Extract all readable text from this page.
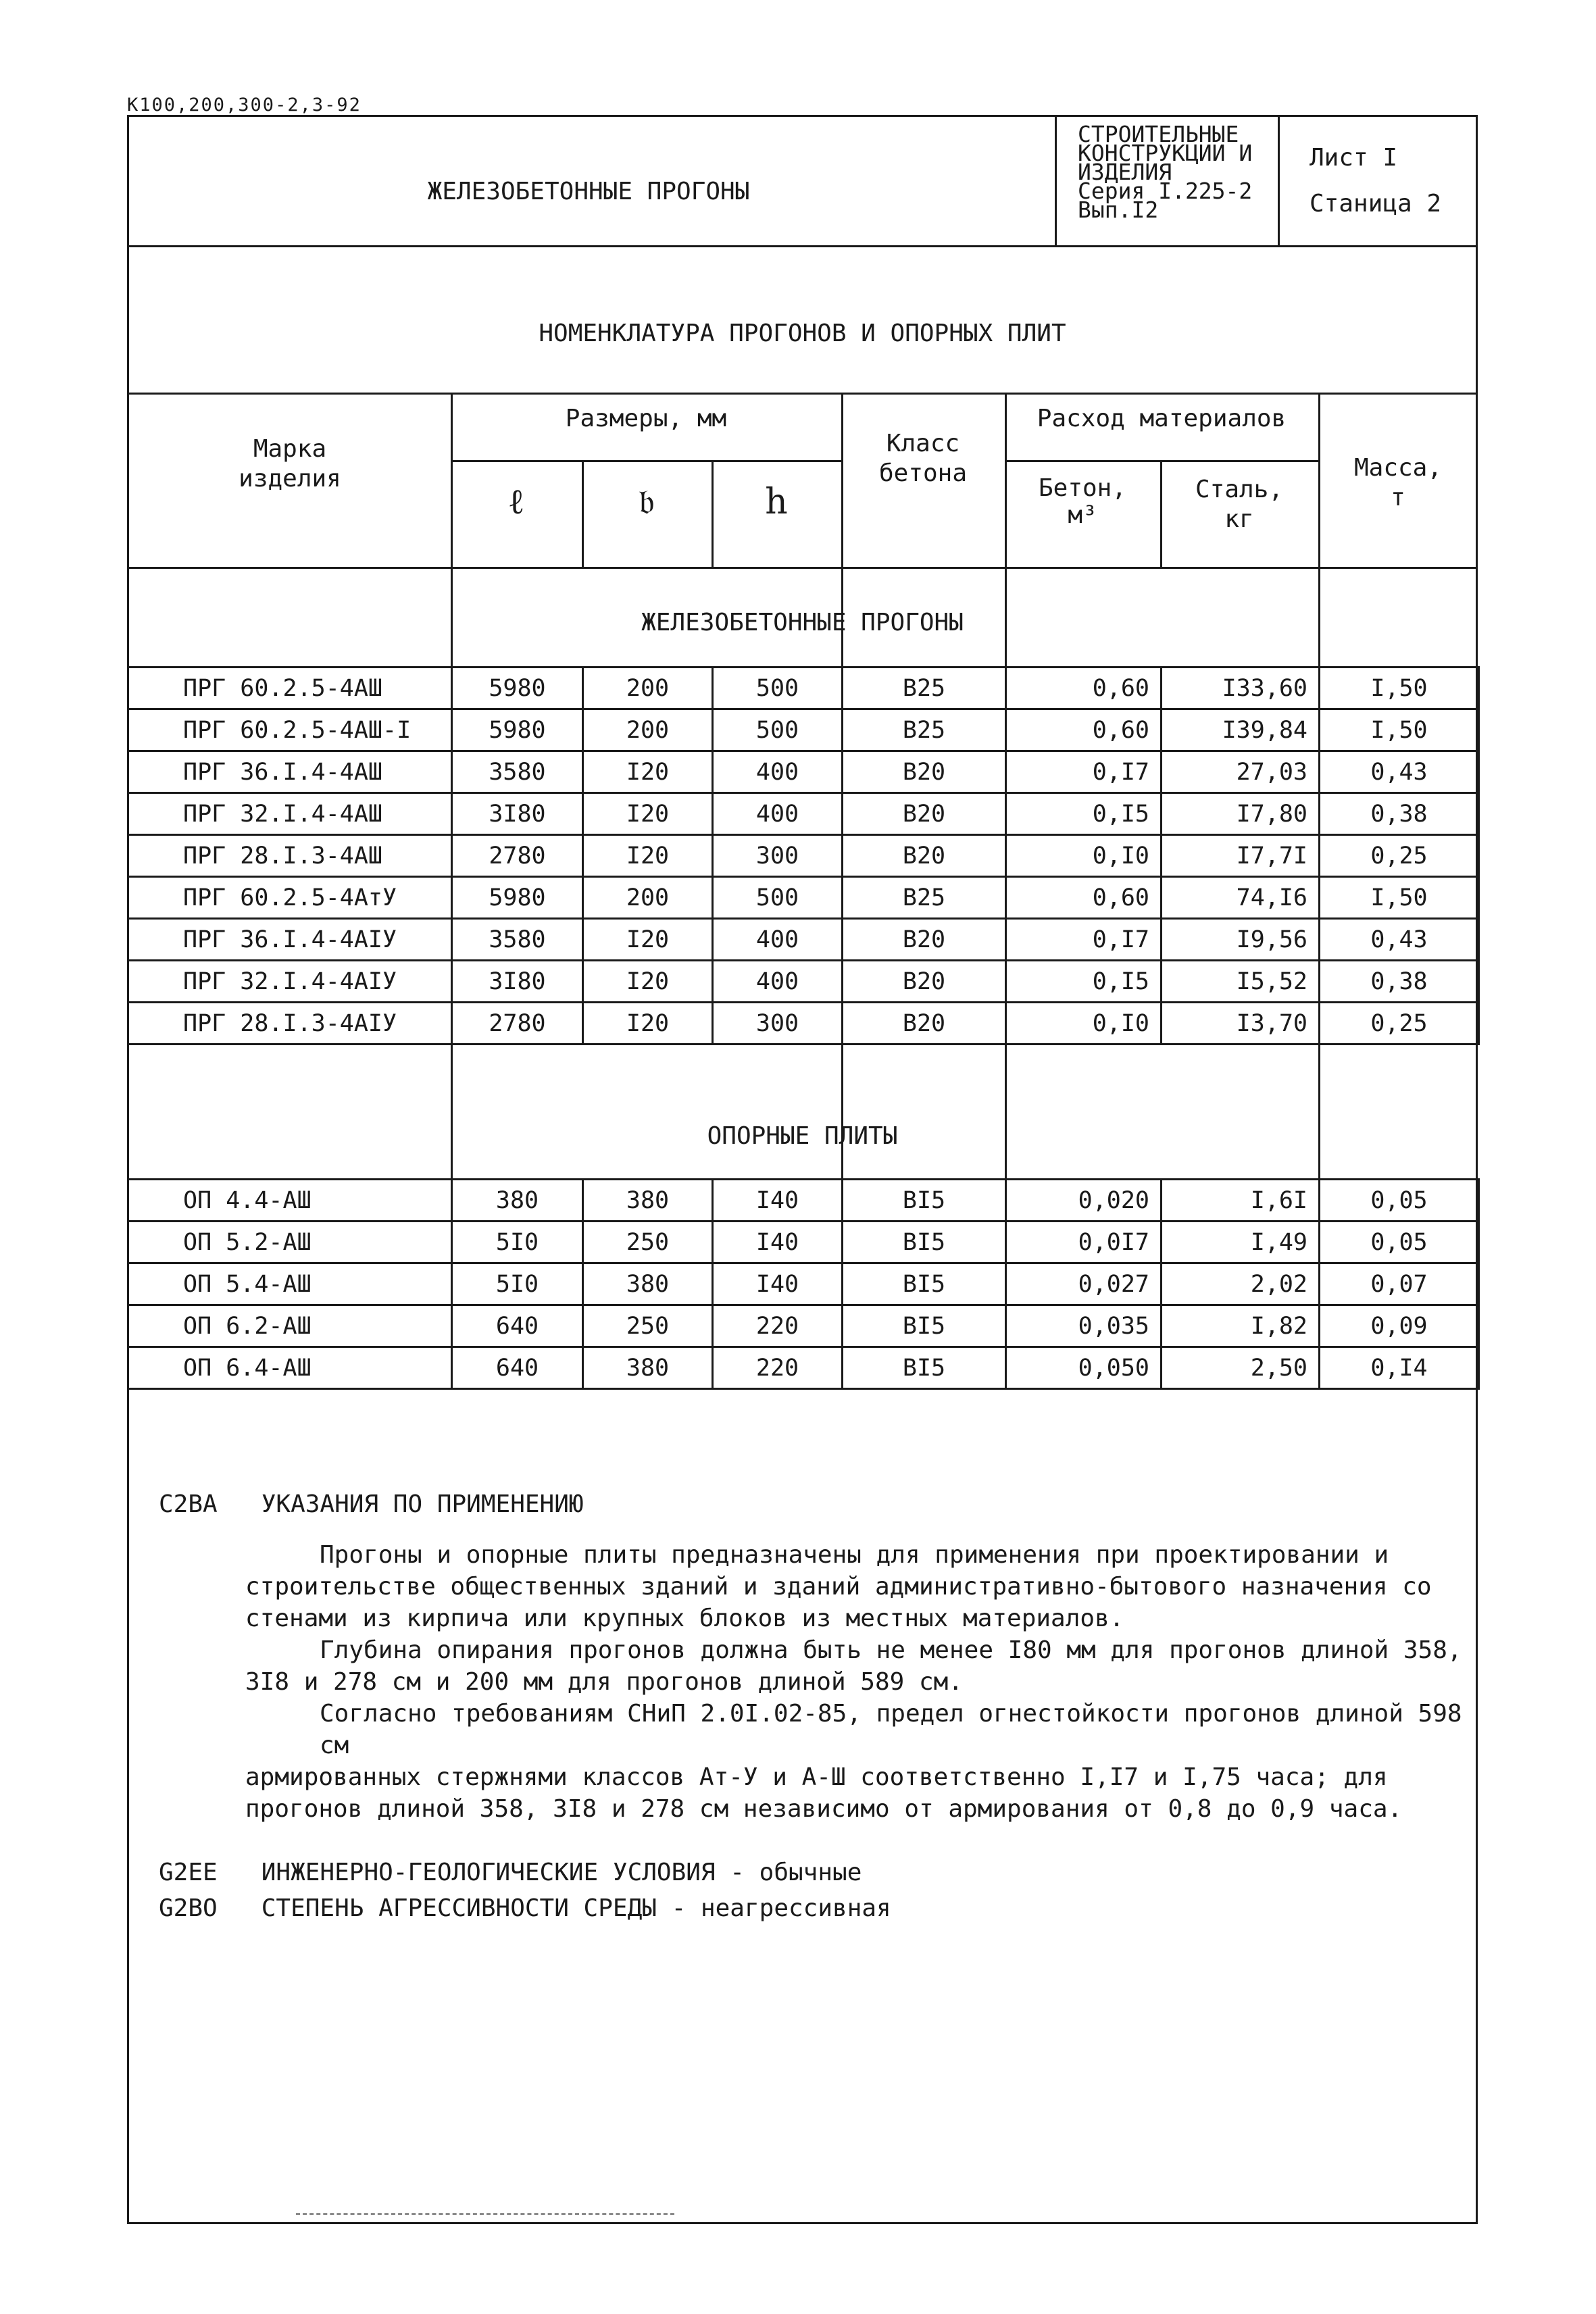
К100,200,300-2,3-92
ЖЕЛЕЗОБЕТОННЫЕ ПРОГОНЫ
СТРОИТЕЛЬНЫЕ
КОНСТРУКЦИИ И
ИЗДЕЛИЯ
Серия I.225-2
Вып.I2
Лист I
Станица 2
НОМЕНКЛАТУРА ПРОГОНОВ И ОПОРНЫХ ПЛИТ
Марка
изделия
Размеры, мм
ℓ	𝔟	h
Класс
бетона
Расход материалов
Бетон,
м³
Сталь,
кг
Масса,
т
ЖЕЛЕЗОБЕТОННЫЕ ПРОГОНЫ
ПРГ 60.2.5-4АШ	5980	200	500	В25	0,60	I33,60	I,50
ПРГ 60.2.5-4АШ-I	5980	200	500	В25	0,60	I39,84	I,50
ПРГ 36.I.4-4АШ	3580	I20	400	В20	0,I7	27,03	0,43
ПРГ 32.I.4-4АШ	3I80	I20	400	В20	0,I5	I7,80	0,38
ПРГ 28.I.3-4АШ	2780	I20	300	В20	0,I0	I7,7I	0,25
ПРГ 60.2.5-4АтУ	5980	200	500	В25	0,60	74,I6	I,50
ПРГ 36.I.4-4АIУ	3580	I20	400	В20	0,I7	I9,56	0,43
ПРГ 32.I.4-4АIУ	3I80	I20	400	В20	0,I5	I5,52	0,38
ПРГ 28.I.3-4АIУ	2780	I20	300	В20	0,I0	I3,70	0,25
ОПОРНЫЕ ПЛИТЫ
ОП 4.4-АШ	380	380	I40	ВI5	0,020	I,6I	0,05
ОП 5.2-АШ	5I0	250	I40	ВI5	0,0I7	I,49	0,05
ОП 5.4-АШ	5I0	380	I40	ВI5	0,027	2,02	0,07
ОП 6.2-АШ	640	250	220	ВI5	0,035	I,82	0,09
ОП 6.4-АШ	640	380	220	ВI5	0,050	2,50	0,I4

С2ВА УКАЗАНИЯ ПО ПРИМЕНЕНИЮ

Прогоны и опорные плиты предназначены для применения при проектировании и

строительстве общественных зданий и зданий административно-бытового назначения со

стенами из кирпича или крупных блоков из местных материалов.

Глубина опирания прогонов должна быть не менее I80 мм для прогонов длиной 358,

3I8 и 278 см и 200 мм для прогонов длиной 589 см.

Согласно требованиям СНиП 2.0I.02-85, предел огнестойкости прогонов длиной 598 см

армированных стержнями классов Ат-У и А-Ш соответственно I,I7 и I,75 часа; для

прогонов длиной 358, 3I8 и 278 см независимо от армирования от 0,8 до 0,9 часа.

G2ЕЕ ИНЖЕНЕРНО-ГЕОЛОГИЧЕСКИЕ УСЛОВИЯ - обычные

G2ВО СТЕПЕНЬ АГРЕССИВНОСТИ СРЕДЫ - неагрессивная
